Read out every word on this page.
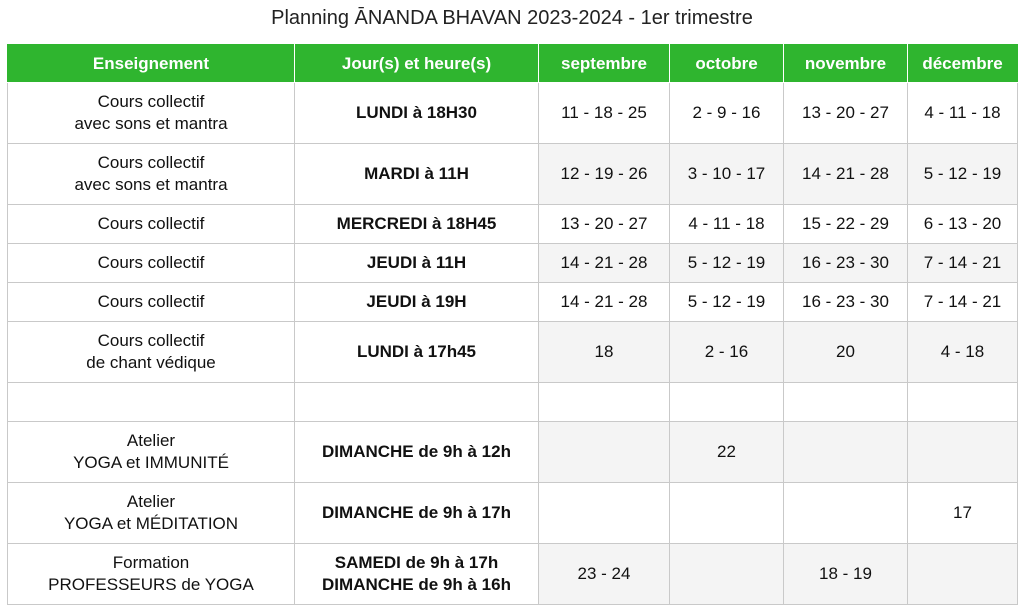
Planning ĀNANDA BHAVAN 2023-2024 - 1er trimestre
Enseignement	Jour(s) et heure(s)	septembre	octobre	novembre	décembre

Cours collectif
avec sons et mantra	LUNDI à 18H30	11 - 18 - 25	2 - 9 - 16	13 - 20 - 27	4 - 11 - 18

Cours collectif
avec sons et mantra	MARDI à 11H	12 - 19 - 26	3 - 10 - 17	14 - 21 - 28	5 - 12 - 19

Cours collectif	MERCREDI à 18H45	13 - 20 - 27	4 - 11 - 18	15 - 22 - 29	6 - 13 - 20

Cours collectif	JEUDI à 11H	14 - 21 - 28	5 - 12 - 19	16 - 23 - 30	7 - 14 - 21

Cours collectif	JEUDI à 19H	14 - 21 - 28	5 - 12 - 19	16 - 23 - 30	7 - 14 - 21

Cours collectif
de chant védique	LUNDI à 17h45	18	2 - 16	20	4 - 18

Atelier
YOGA et IMMUNITÉ	DIMANCHE de 9h à 12h		22		

Atelier
YOGA et MÉDITATION	DIMANCHE de 9h à 17h				17

Formation
PROFESSEURS de YOGA	SAMEDI de 9h à 17h
DIMANCHE de 9h à 16h	23 - 24		18 - 19	
